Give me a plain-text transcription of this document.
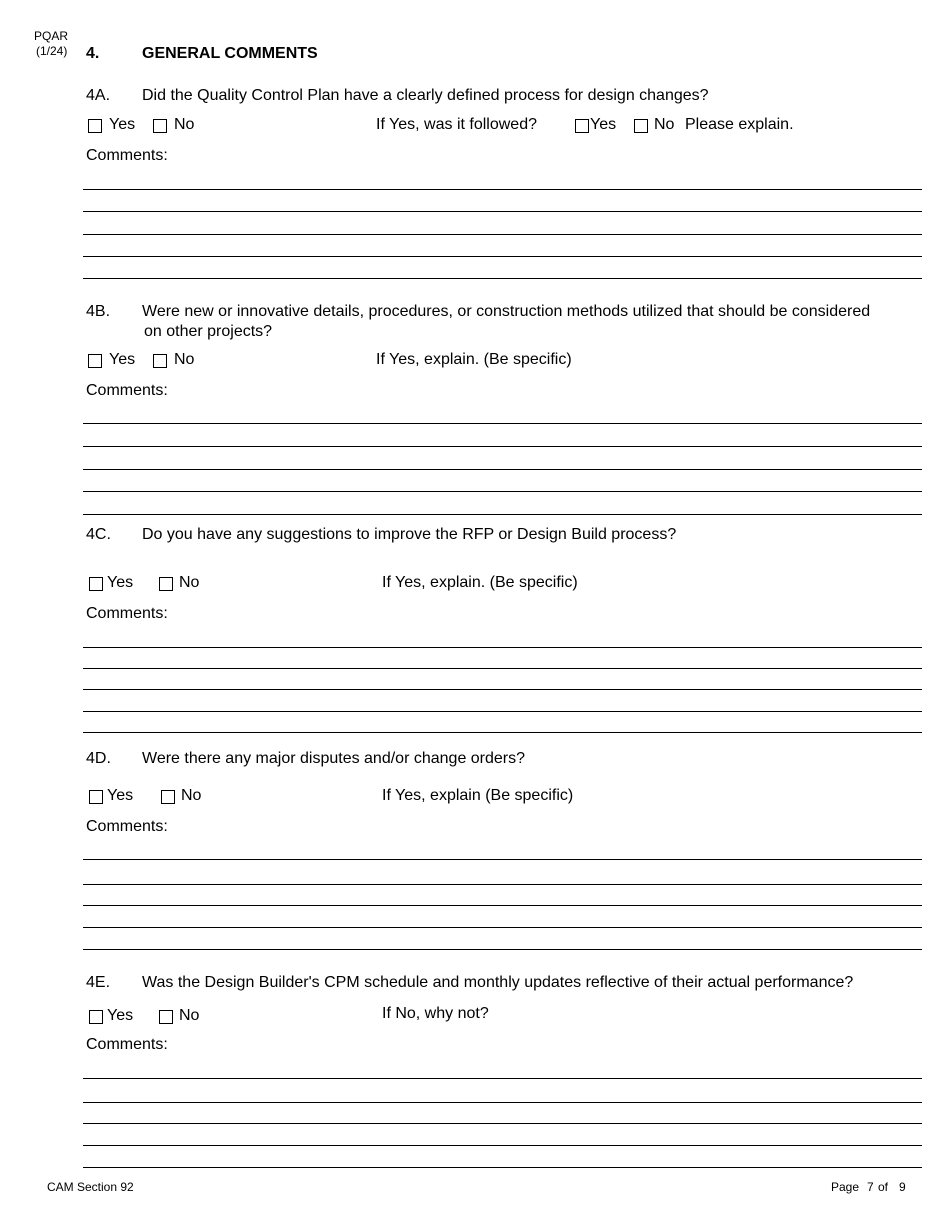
PQAR
(1/24) 4.	GENERAL COMMENTS
4A. Did the Quality Control Plan have a clearly defined process for design changes?
Yes No	If Yes, was it followed?	Yes No Please explain.
Comments:
4B. Were new or innovative details, procedures, or construction methods utilized that should be considered
on other projects?
Yes No	If Yes, explain. (Be specific)
Comments:
4C. Do you have any suggestions to improve the RFP or Design Build process?
Yes	No	If Yes, explain. (Be specific)
Comments:
4D. Were there any major disputes and/or change orders?
Yes	No	If Yes, explain (Be specific)
Comments:
4E. Was the Design Builder's CPM schedule and monthly updates reflective of their actual performance?
Yes	No	If No, why not?
Comments:
CAM Section 92	Page 7 of 9
